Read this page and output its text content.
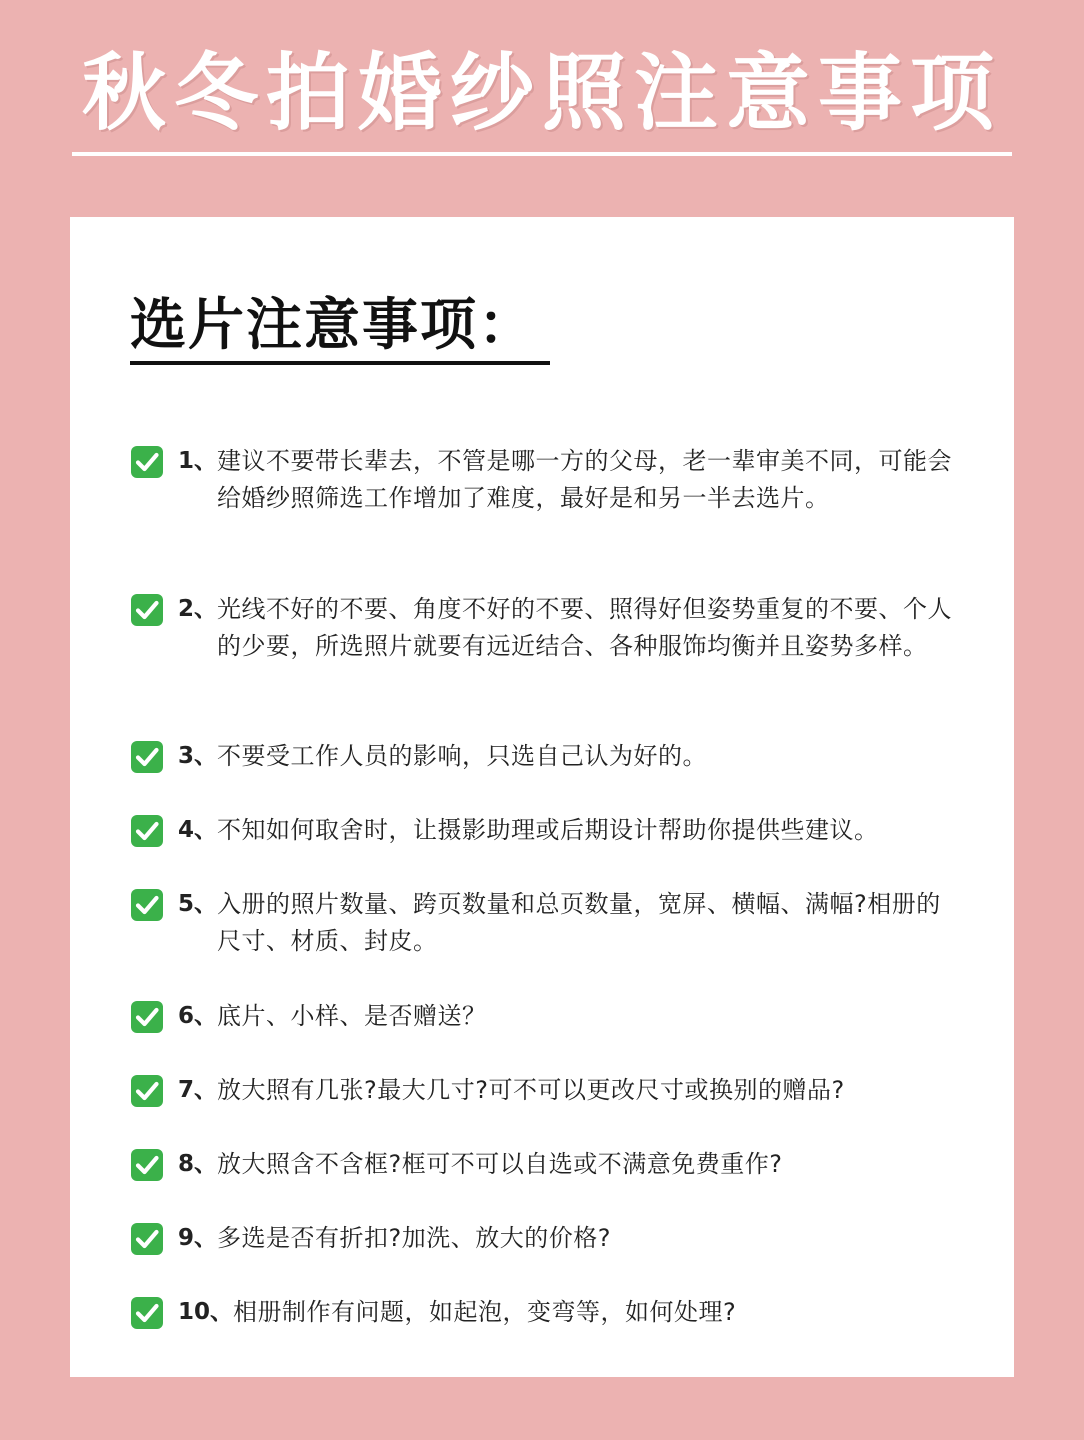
秋冬拍婚纱照注意事项
选片注意事项：
1、 建议不要带长辈去，不管是哪一方的父母，老一辈审美不同，可能会给婚纱照筛选工作增加了难度，最好是和另一半去选片。
2、 光线不好的不要、角度不好的不要、照得好但姿势重复的不要、个人的少要，所选照片就要有远近结合、各种服饰均衡并且姿势多样。
3、 不要受工作人员的影响，只选自己认为好的。
4、 不知如何取舍时，让摄影助理或后期设计帮助你提供些建议。
5、 入册的照片数量、跨页数量和总页数量，宽屏、横幅、满幅?相册的尺寸、材质、封皮。
6、 底片、小样、是否赠送？
7、 放大照有几张?最大几寸?可不可以更改尺寸或换别的赠品?
8、 放大照含不含框?框可不可以自选或不满意免费重作?
9、 多选是否有折扣?加洗、放大的价格?
10、 相册制作有问题，如起泡，变弯等，如何处理?
